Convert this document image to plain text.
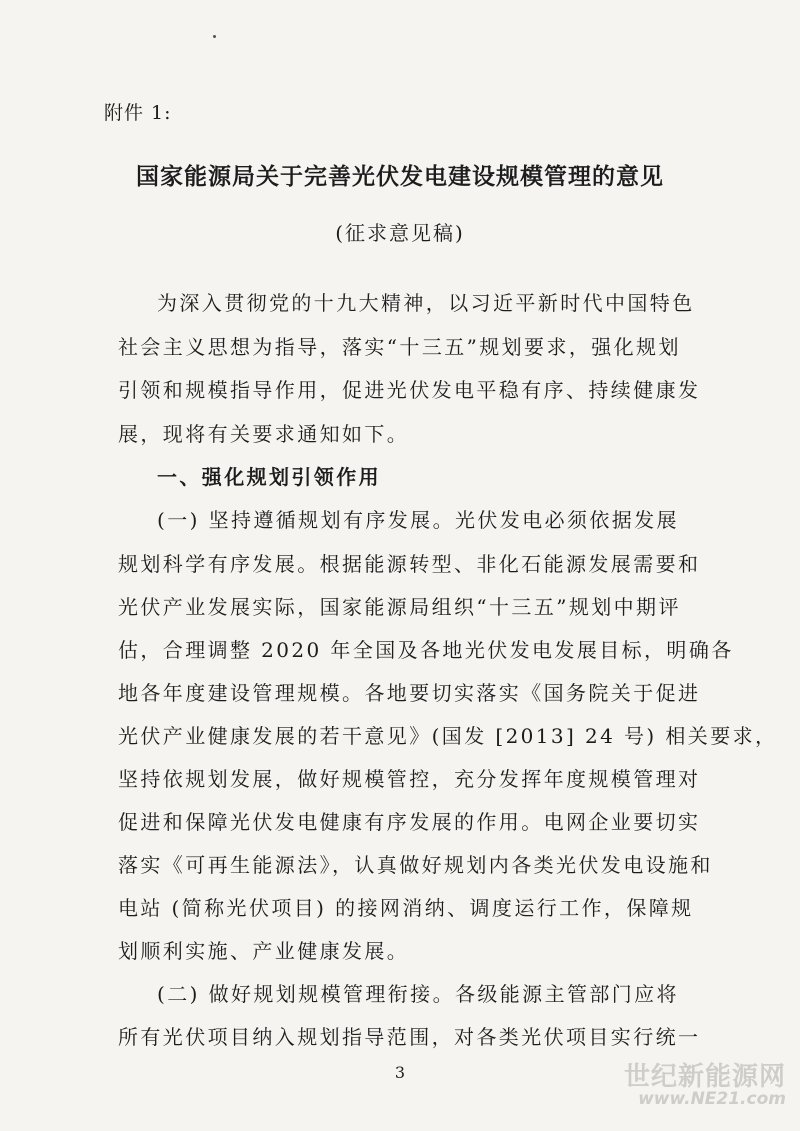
附件 1:
国家能源局关于完善光伏发电建设规模管理的意见
(征求意见稿)
为深入贯彻党的十九大精神，以习近平新时代中国特色
社会主义思想为指导，落实“十三五”规划要求，强化规划
引领和规模指导作用，促进光伏发电平稳有序、持续健康发
展，现将有关要求通知如下。
一、强化规划引领作用
(一) 坚持遵循规划有序发展。光伏发电必须依据发展
规划科学有序发展。根据能源转型、非化石能源发展需要和
光伏产业发展实际，国家能源局组织“十三五”规划中期评
估，合理调整 2020 年全国及各地光伏发电发展目标，明确各
地各年度建设管理规模。各地要切实落实《国务院关于促进
光伏产业健康发展的若干意见》(国发 [2013] 24 号) 相关要求，
坚持依规划发展，做好规模管控，充分发挥年度规模管理对
促进和保障光伏发电健康有序发展的作用。电网企业要切实
落实《可再生能源法》，认真做好规划内各类光伏发电设施和
电站 (简称光伏项目) 的接网消纳、调度运行工作，保障规
划顺利实施、产业健康发展。
(二) 做好规划规模管理衔接。各级能源主管部门应将
所有光伏项目纳入规划指导范围，对各类光伏项目实行统一
3	世纪新能源网
www.NE21.com
